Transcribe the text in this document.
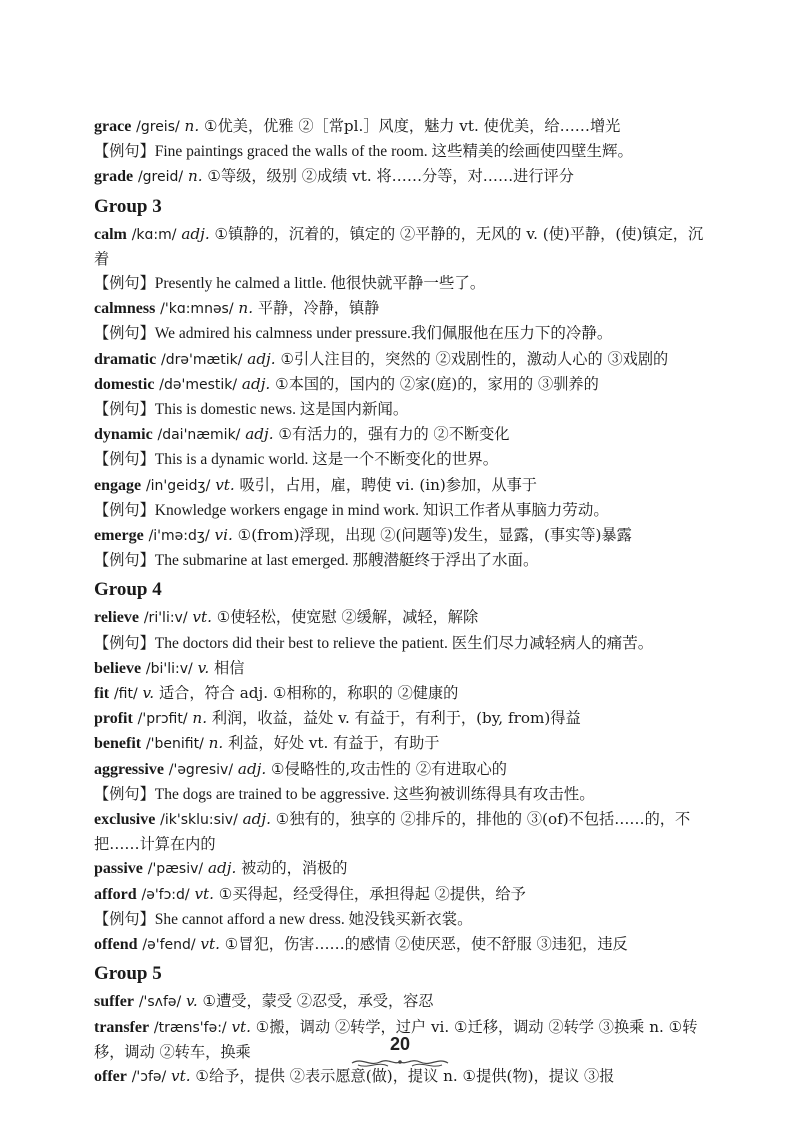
grace /greis/ n. ①优美，优雅 ②［常pl.］风度，魅力 vt. 使优美，给……增光
【例句】Fine paintings graced the walls of the room. 这些精美的绘画使四壁生辉。
grade /greid/ n. ①等级，级别 ②成绩 vt. 将……分等，对……进行评分
Group 3
calm /kɑ:m/ adj. ①镇静的，沉着的，镇定的 ②平静的，无风的 v. (使)平静，(使)镇定，沉着
【例句】Presently he calmed a little. 他很快就平静一些了。
calmness /'kɑ:mnəs/ n. 平静，冷静，镇静
【例句】We admired his calmness under pressure.我们佩服他在压力下的冷静。
dramatic /drə'mætik/ adj. ①引人注目的，突然的 ②戏剧性的，激动人心的 ③戏剧的
domestic /də'mestik/ adj. ①本国的，国内的 ②家(庭)的，家用的 ③驯养的
【例句】This is domestic news. 这是国内新闻。
dynamic /dai'næmik/ adj. ①有活力的，强有力的 ②不断变化
【例句】This is a dynamic world. 这是一个不断变化的世界。
engage /in'geidʒ/ vt. 吸引，占用，雇，聘使 vi. (in)参加，从事于
【例句】Knowledge workers engage in mind work. 知识工作者从事脑力劳动。
emerge /i'mə:dʒ/ vi. ①(from)浮现，出现 ②(问题等)发生，显露，(事实等)暴露
【例句】The submarine at last emerged. 那艘潜艇终于浮出了水面。
Group 4
relieve /ri'li:v/ vt. ①使轻松，使宽慰 ②缓解，减轻，解除
【例句】The doctors did their best to relieve the patient. 医生们尽力减轻病人的痛苦。
believe /bi'li:v/ v. 相信
fit /fit/ v. 适合，符合 adj. ①相称的，称职的 ②健康的
profit /'prɔfit/ n. 利润，收益，益处 v. 有益于，有利于，(by, from)得益
benefit /'benifit/ n. 利益，好处 vt. 有益于，有助于
aggressive /'əgresiv/ adj. ①侵略性的,攻击性的 ②有进取心的
【例句】The dogs are trained to be aggressive. 这些狗被训练得具有攻击性。
exclusive /ik'sklu:siv/ adj. ①独有的，独享的 ②排斥的，排他的 ③(of)不包括……的，不把……计算在内的
passive /'pæsiv/ adj. 被动的，消极的
afford /ə'fɔ:d/ vt. ①买得起，经受得住，承担得起 ②提供，给予
【例句】She cannot afford a new dress. 她没钱买新衣裳。
offend /ə'fend/ vt. ①冒犯，伤害……的感情 ②使厌恶，使不舒服 ③违犯，违反
Group 5
suffer /'sʌfə/ v. ①遭受，蒙受 ②忍受，承受，容忍
transfer /træns'fə:/ vt. ①搬，调动 ②转学，过户 vi. ①迁移，调动 ②转学 ③换乘 n. ①转移，调动 ②转车，换乘
offer /'ɔfə/ vt. ①给予，提供 ②表示愿意(做)，提议 n. ①提供(物)，提议 ③报
20
